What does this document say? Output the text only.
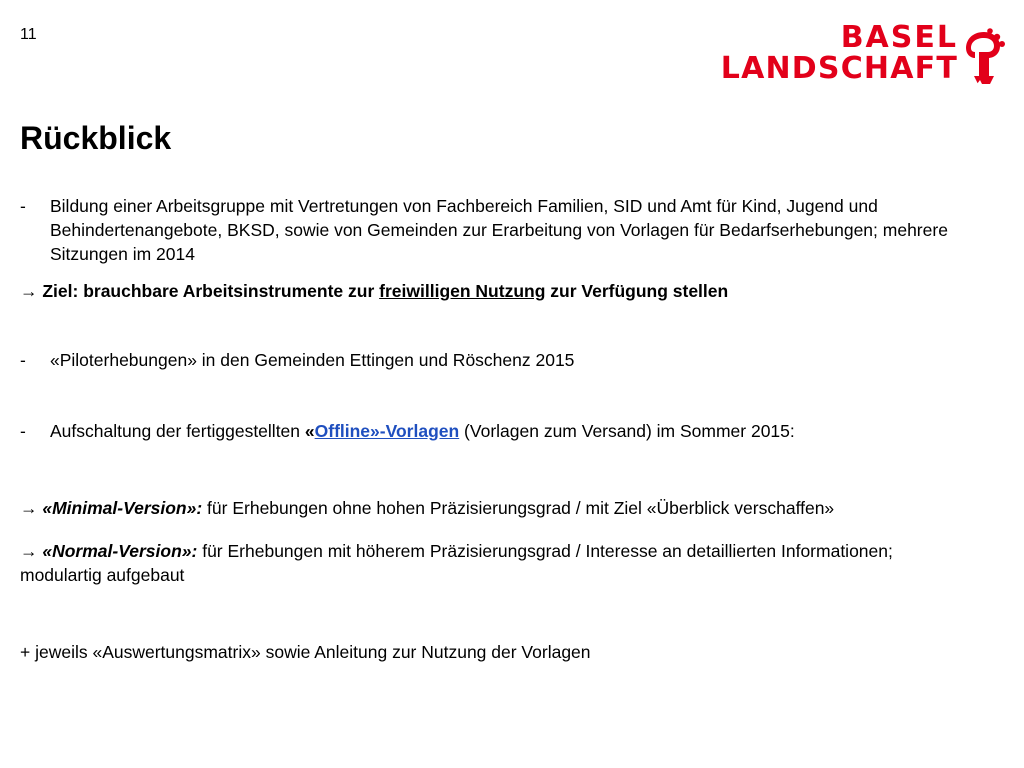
11	BASEL
LANDSCHAFT
Rückblick
- Bildung einer Arbeitsgruppe mit Vertretungen von Fachbereich Familien, SID und Amt für Kind, Jugend und Behindertenangebote, BKSD, sowie von Gemeinden zur Erarbeitung von Vorlagen für Bedarfserhebungen; mehrere Sitzungen im 2014
→ Ziel: brauchbare Arbeitsinstrumente zur freiwilligen Nutzung zur Verfügung stellen
- «Piloterhebungen» in den Gemeinden Ettingen und Röschenz 2015
- Aufschaltung der fertiggestellten «Offline»-Vorlagen (Vorlagen zum Versand) im Sommer 2015:
→ «Minimal-Version»: für Erhebungen ohne hohen Präzisierungsgrad / mit Ziel «Überblick verschaffen»
→ «Normal-Version»: für Erhebungen mit höherem Präzisierungsgrad / Interesse an detaillierten Informationen; modulartig aufgebaut
+ jeweils «Auswertungsmatrix» sowie Anleitung zur Nutzung der Vorlagen
